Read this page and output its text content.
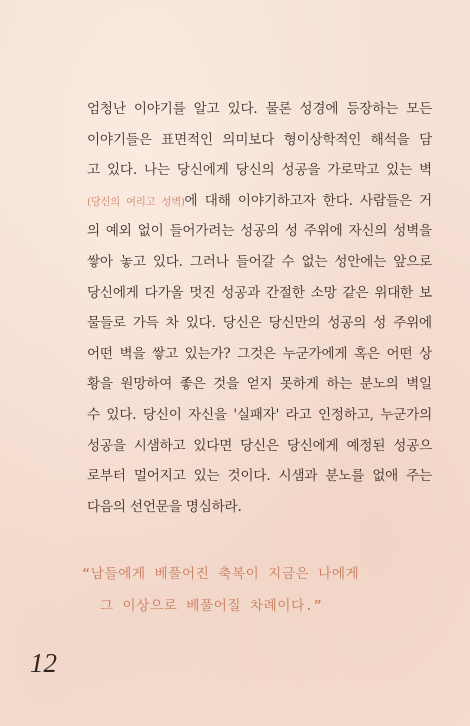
엄청난 이야기를 알고 있다. 물론 성경에 등장하는 모든
이야기들은 표면적인 의미보다 형이상학적인 해석을 담
고 있다. 나는 당신에게 당신의 성공을 가로막고 있는 벽
(당신의 여리고 성벽)에 대해 이야기하고자 한다. 사람들은 거
의 예외 없이 들어가려는 성공의 성 주위에 자신의 성벽을
쌓아 놓고 있다. 그러나 들어갈 수 없는 성안에는 앞으로
당신에게 다가올 멋진 성공과 간절한 소망 같은 위대한 보
물들로 가득 차 있다. 당신은 당신만의 성공의 성 주위에
어떤 벽을 쌓고 있는가? 그것은 누군가에게 혹은 어떤 상
황을 원망하여 좋은 것을 얻지 못하게 하는 분노의 벽일
수 있다. 당신이 자신을 '실패자' 라고 인정하고, 누군가의
성공을 시샘하고 있다면 당신은 당신에게 예정된 성공으
로부터 멀어지고 있는 것이다. 시샘과 분노를 없애 주는
다음의 선언문을 명심하라.
“남들에게 베풀어진 축복이 지금은 나에게
그 이상으로 베풀어질 차례이다.”
12
